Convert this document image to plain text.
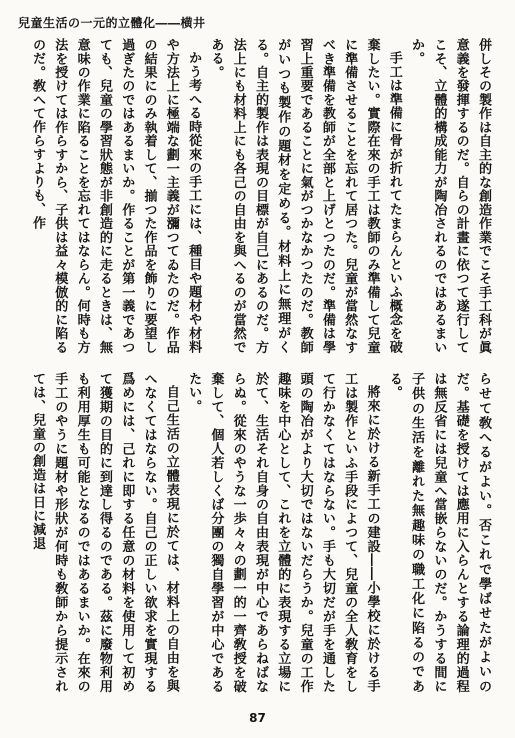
兒童生活の一元的立體化――横井

併しその製作は自主的な創造作業でこそ手工科が眞意義を發揮するのだ。自らの計畫に依つて遂行してこそ、立體的構成能力が陶冶されるのではあるまいか。

手工は準備に骨が折れてたまらんといふ概念を破棄したい。實際在來の手工は教師のみ準備して兒童に準備させることを忘れて居つた。兒童が當然なすべき準備を教師が全部と上げとつたのだ。準備は學習上重要であることに氣がつかなかつたのだ。教師がいつも製作の題材を定める。材料上に無理がくる。自主的製作は表現の目標が自己にあるのだ。方法上にも材料上にも各己の自由を與へるのが當然である。

かう考へる時從來の手工には、種目や題材や材料や方法上に極端な劃一主義が瀰つてゐたのだ。作品の結果にのみ執着して、揃つた作品を飾りに要望し過ぎたのではあるまいか。作ることが第一義であつても、兒童の學習狀態が非創造的に走るときは、無意味の作業に陷ることを忘れてはならん。何時も方法を授けては作らすから、子供は益々模倣的に陷るのだ。敎へて作らすよりも、作

らせて敎へるがよい。否これで學ばせたがよいのだ。基礎を授けては應用に入らんとする論理的過程は無反省には兒童へ當嵌らないのだ。かうする間に子供の生活を離れた無趣味の職工化に陷るのである。

將來に於ける新手工の建設――小學校に於ける手工は製作といふ手段によつて、兒童の全人敎育をして行かなくてはならない。手も大切だが手を通した頭の陶冶がより大切ではないだらうか。兒童の工作趣味を中心として、これを立體的に表現する立場に於て、生活それ自身の自由表現が中心であらねばならぬ。從來のやうな一歩々々の劃一的一齊敎授を破棄して、個人若しくば分團の獨自學習が中心であるたい。

自己生活の立體表現に於ては、材料上の自由を與へなくてはならない。自己の正しい欲求を實現する爲めには、己れに即する任意の材料を使用して初めて獲期の目的に到達し得るのである。茲に廢物利用も利用厚生も可能となるのではあるまいか。在來の手工のやうに題材や形狀が何時も敎師から提示されては、兒童の創造は日に減退

87
